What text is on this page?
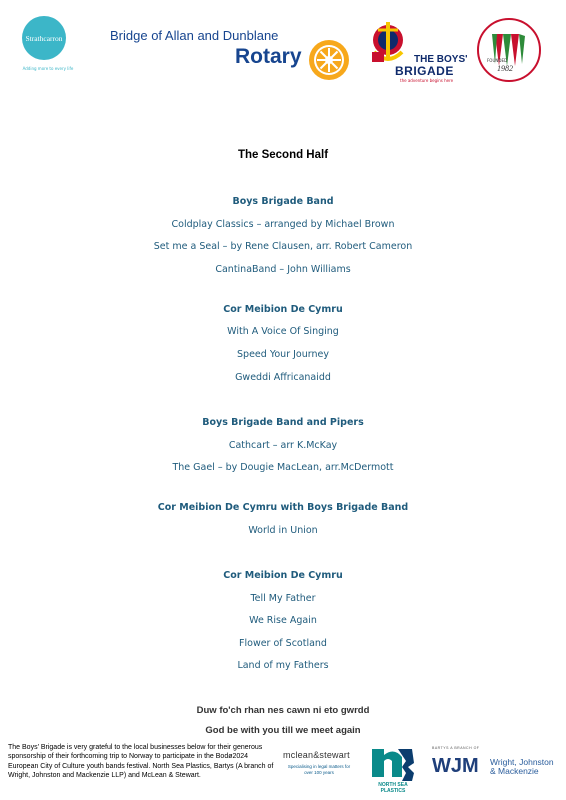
Strathcarron
Adding more to every life
Bridge of Allan and Dunblane
Rotary	THE BOYS'
BRIGADE
the adventure begins here
FOUNDED
1982
The Second Half
Boys Brigade Band
Coldplay Classics – arranged by Michael Brown
Set me a Seal – by Rene Clausen, arr. Robert Cameron
CantinaBand – John Williams
Cor Meibion De Cymru
With A Voice Of Singing
Speed Your Journey
Gweddi Affricanaidd
Boys Brigade Band and Pipers
Cathcart – arr K.McKay
The Gael – by Dougie MacLean, arr.McDermott
Cor Meibion De Cymru with Boys Brigade Band
World in Union
Cor Meibion De Cymru
Tell My Father
We Rise Again
Flower of Scotland
Land of my Fathers
Duw fo'ch rhan nes cawn ni eto gwrdd
God be with you till we meet again
The Boys' Brigade is very grateful to the local businesses below for their generous sponsorship of their forthcoming trip to Norway to participate in the Bodø2024 European City of Culture youth bands festival. North Sea Plastics, Bartys (A branch of Wright, Johnston and Mackenzie LLP) and McLean & Stewart.
mclean&stewart
Specialising in legal matters for over 100 years
NORTH SEA
PLASTICS
BARTYS A BRANCH OF
WJM Wright, Johnston
& Mackenzie
